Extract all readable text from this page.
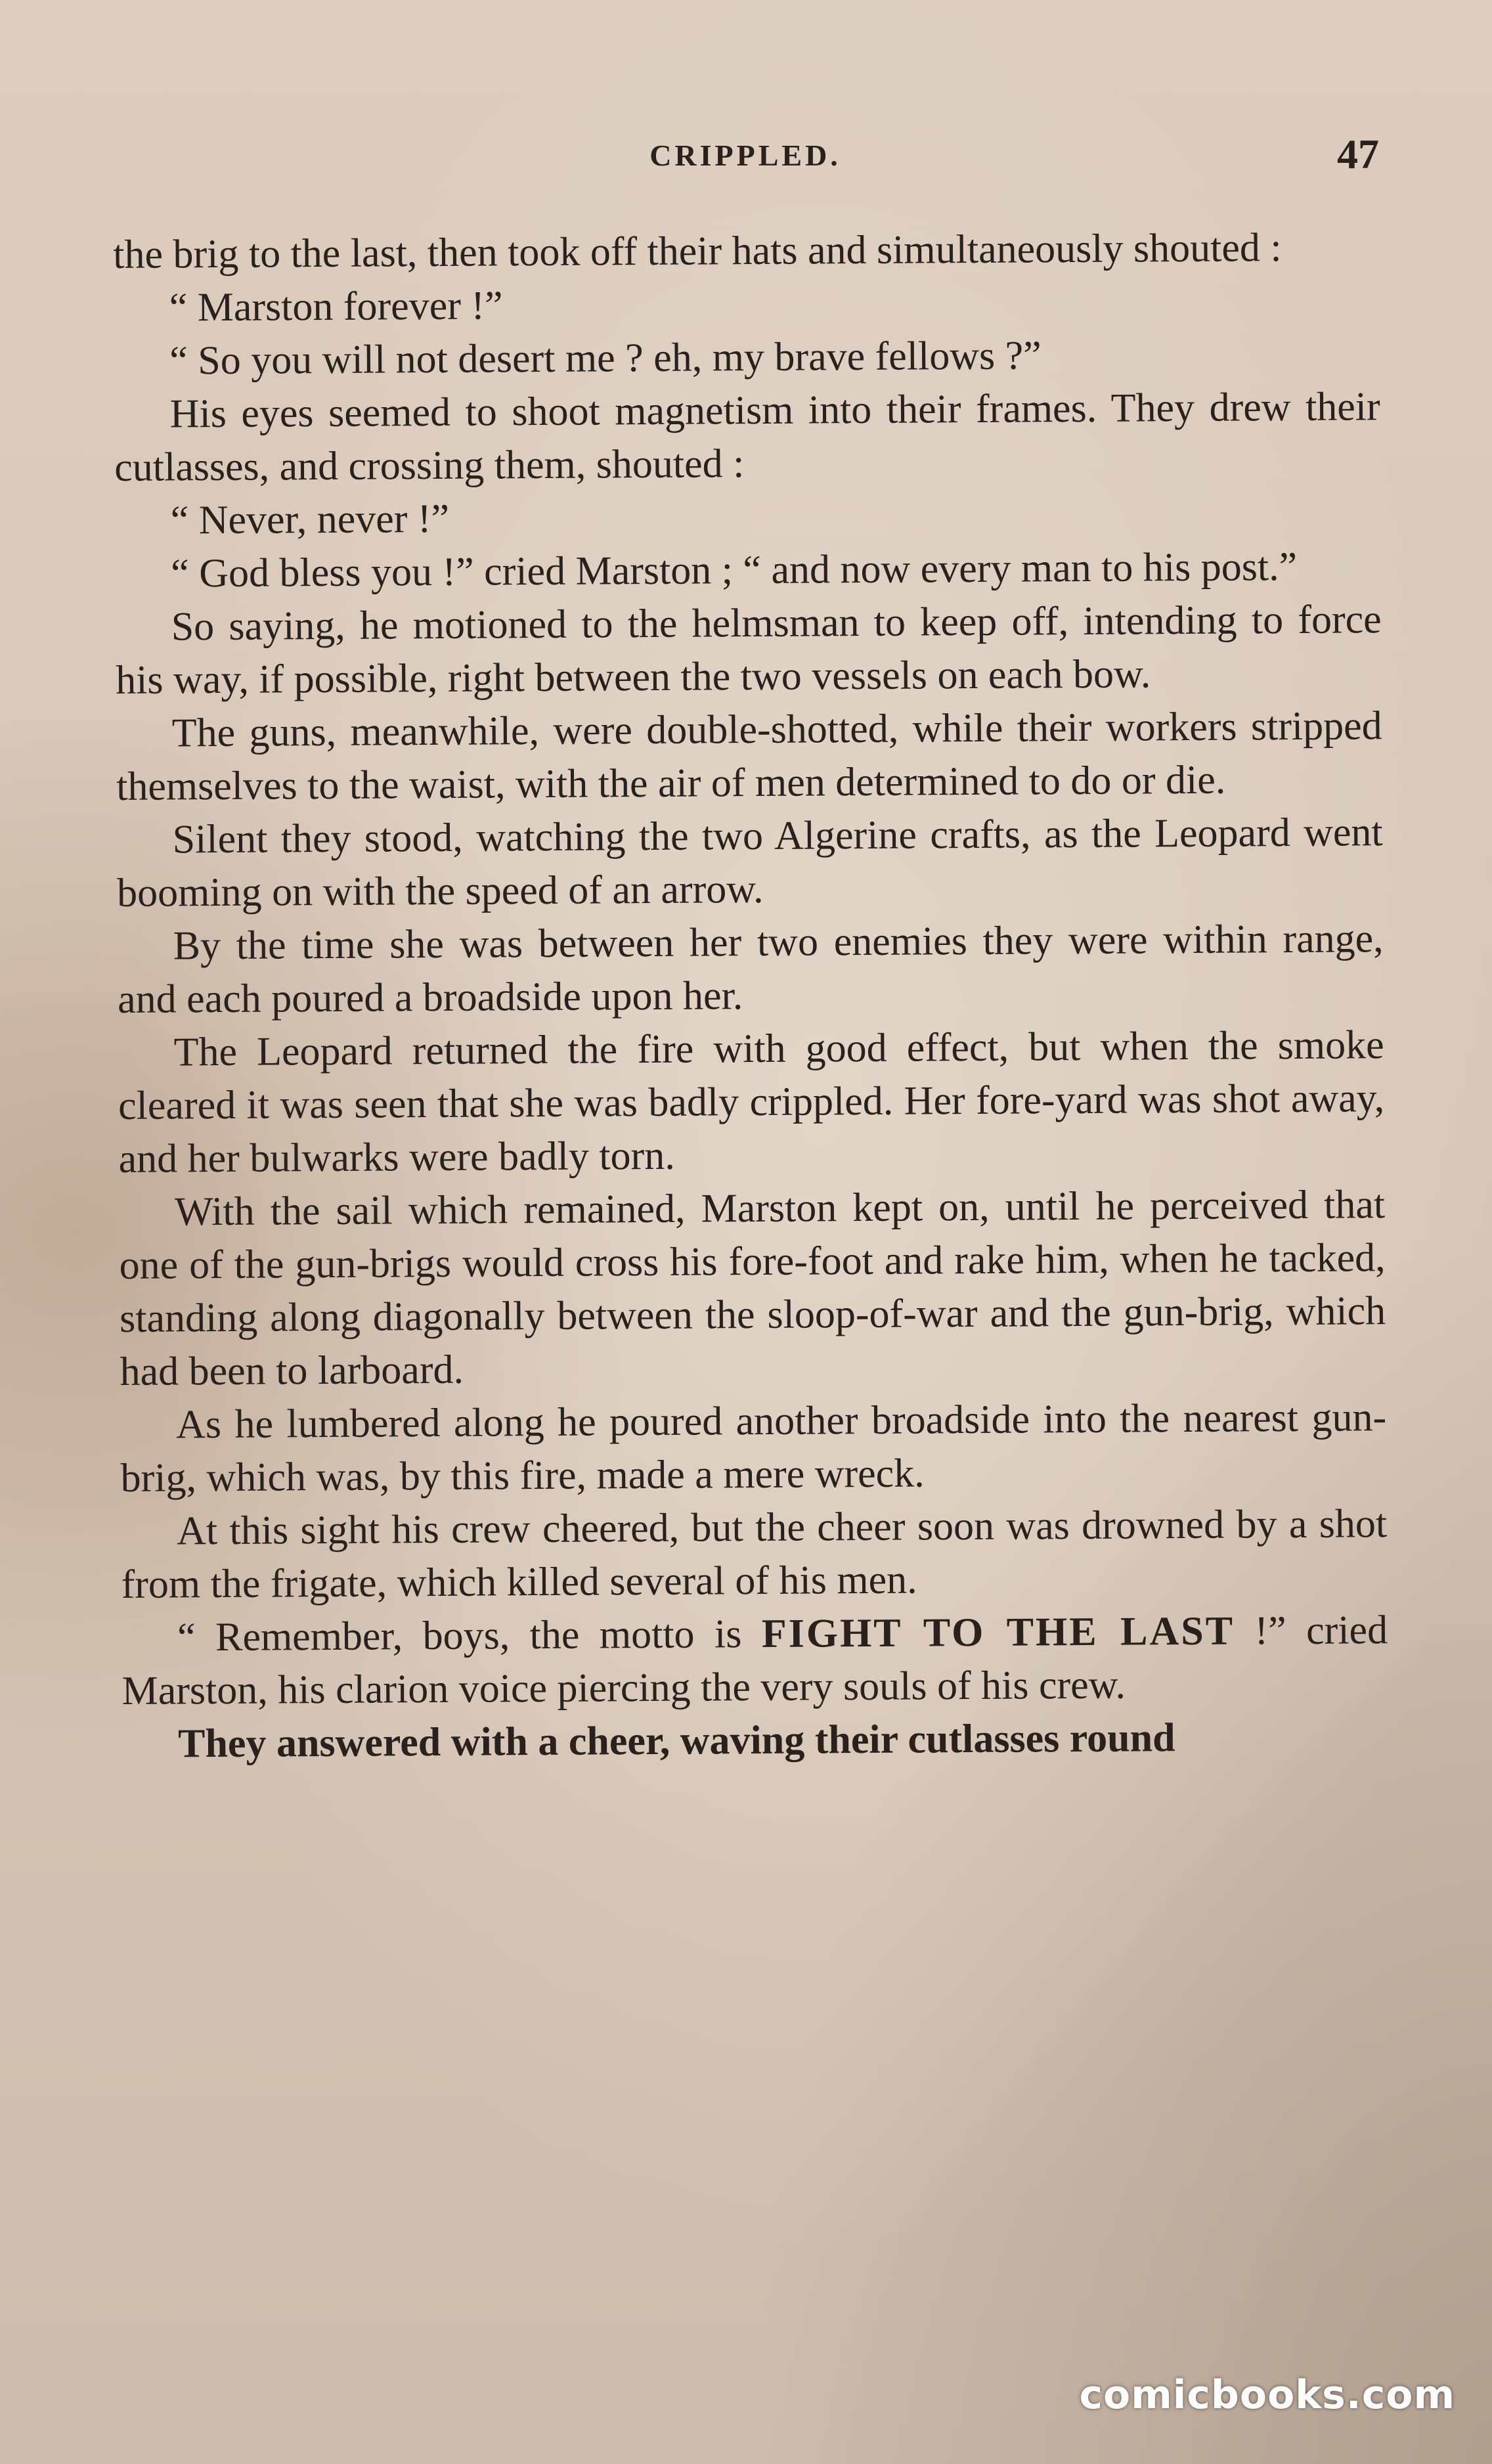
CRIPPLED.	47

the brig to the last, then took off their hats and simultaneously shouted :

“ Marston forever !”

“ So you will not desert me ? eh, my brave fellows ?”

His eyes seemed to shoot magnetism into their frames. They drew their cutlasses, and crossing them, shouted :

“ Never, never !”

“ God bless you !” cried Marston ; “ and now every man to his post.”

So saying, he motioned to the helmsman to keep off, intending to force his way, if possible, right between the two vessels on each bow.

The guns, meanwhile, were double-shotted, while their workers stripped themselves to the waist, with the air of men determined to do or die.

Silent they stood, watching the two Algerine crafts, as the Leopard went booming on with the speed of an arrow.

By the time she was between her two enemies they were within range, and each poured a broadside upon her.

The Leopard returned the fire with good effect, but when the smoke cleared it was seen that she was badly crippled. Her fore-yard was shot away, and her bulwarks were badly torn.

With the sail which remained, Marston kept on, until he perceived that one of the gun-brigs would cross his fore-foot and rake him, when he tacked, standing along diagonally between the sloop-of-war and the gun-brig, which had been to larboard.

As he lumbered along he poured another broadside into the nearest gun-brig, which was, by this fire, made a mere wreck.

At this sight his crew cheered, but the cheer soon was drowned by a shot from the frigate, which killed several of his men.

“ Remember, boys, the motto is FIGHT TO THE LAST !” cried Marston, his clarion voice piercing the very souls of his crew.

They answered with a cheer, waving their cutlasses round

comicbooks.com
